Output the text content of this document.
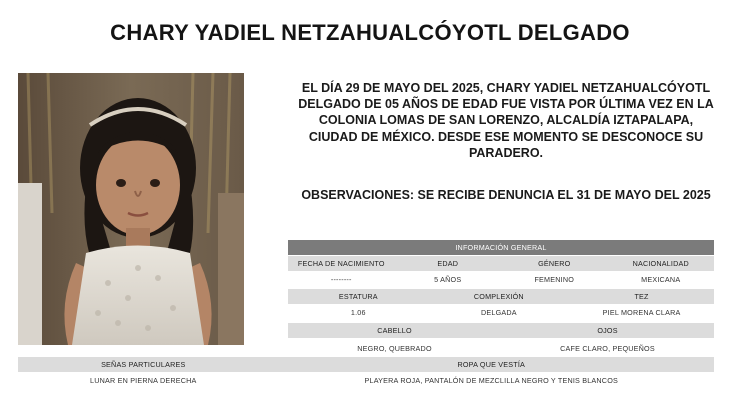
CHARY YADIEL NETZAHUALCÓYOTL DELGADO
EL DÍA 29 DE MAYO DEL 2025, CHARY YADIEL NETZAHUALCÓYOTL DELGADO DE 05 AÑOS DE EDAD FUE VISTA POR ÚLTIMA VEZ EN LA COLONIA LOMAS DE SAN LORENZO, ALCALDÍA IZTAPALAPA, CIUDAD DE MÉXICO. DESDE ESE MOMENTO SE DESCONOCE SU PARADERO.
OBSERVACIONES: SE RECIBE DENUNCIA EL 31 DE MAYO DEL 2025
INFORMACIÓN GENERAL
FECHA DE NACIMIENTO	EDAD	GÉNERO	NACIONALIDAD
--------	5 AÑOS	FEMENINO	MEXICANA
ESTATURA	COMPLEXIÓN	TEZ
1.06	DELGADA	PIEL MORENA CLARA
CABELLO	OJOS
NEGRO, QUEBRADO	CAFE CLARO, PEQUEÑOS
SEÑAS PARTICULARES	ROPA QUE VESTÍA
LUNAR EN PIERNA DERECHA	PLAYERA ROJA, PANTALÓN DE MEZCLILLA NEGRO Y TENIS BLANCOS
